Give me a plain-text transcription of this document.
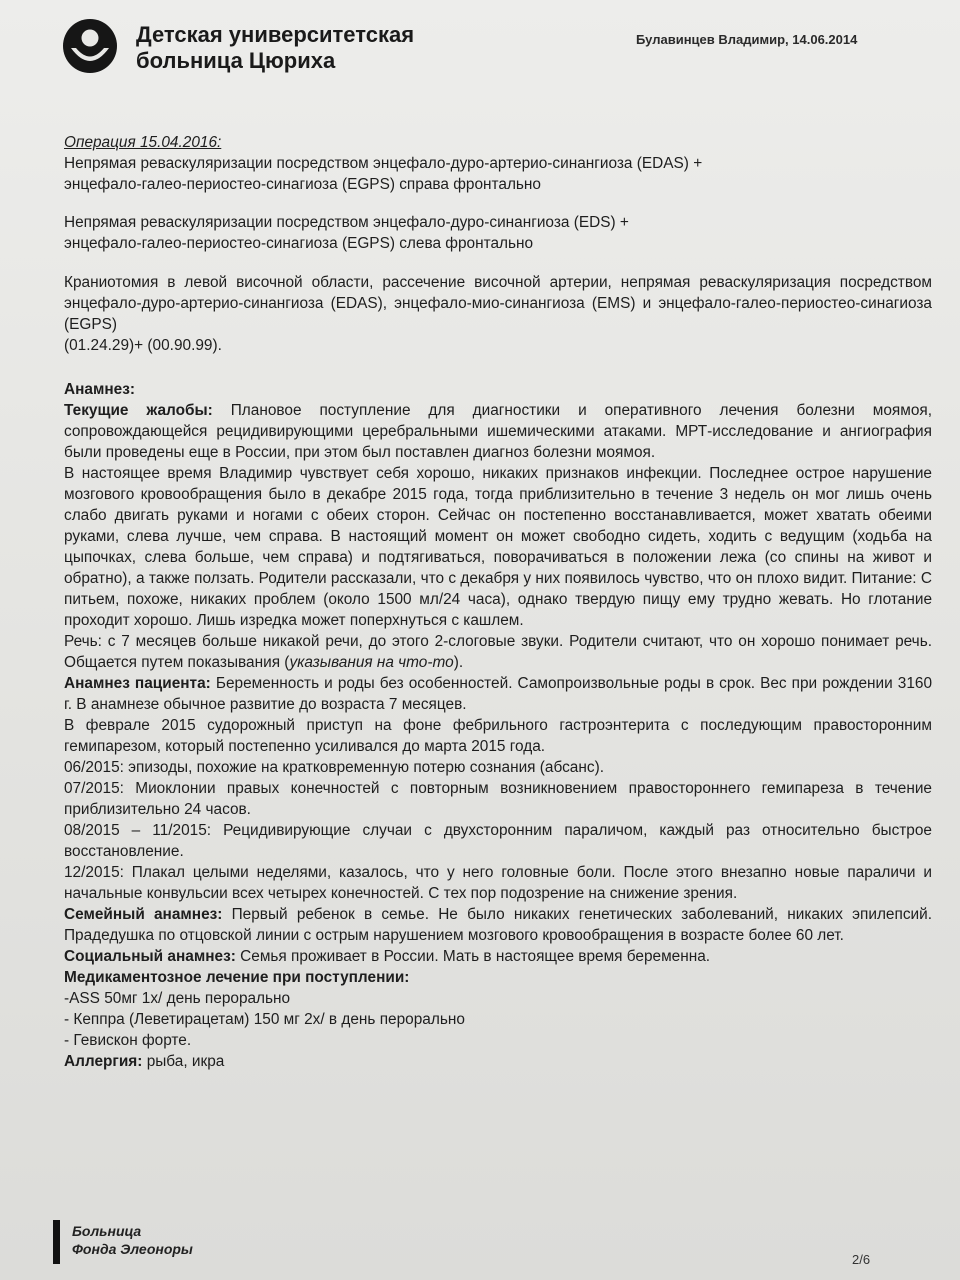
Детская университетская
больница Цюриха
Булавинцев Владимир, 14.06.2014

Операция 15.04.2016:

Непрямая реваскуляризации посредством энцефало-дуро-артерио-синангиоза (EDAS) +

энцефало-галео-периостео-синагиоза (EGPS) справа фронтально

Непрямая реваскуляризации посредством энцефало-дуро-синангиоза (EDS) +

энцефало-галео-периостео-синагиоза (EGPS) слева фронтально

Краниотомия в левой височной области, рассечение височной артерии, непрямая реваскуляризация посредством энцефало-дуро-артерио-синангиоза (EDAS), энцефало-мио-синангиоза (EMS) и энцефало-галео-периостео-синагиоза (EGPS)

(01.24.29)+ (00.90.99).

Анамнез:

Текущие жалобы: Плановое поступление для диагностики и оперативного лечения болезни моямоя, сопровождающейся рецидивирующими церебральными ишемическими атаками. МРТ-исследование и ангиография были проведены еще в России, при этом был поставлен диагноз болезни моямоя.

В настоящее время Владимир чувствует себя хорошо, никаких признаков инфекции. Последнее острое нарушение мозгового кровообращения было в декабре 2015 года, тогда приблизительно в течение 3 недель он мог лишь очень слабо двигать руками и ногами с обеих сторон. Сейчас он постепенно восстанавливается, может хватать обеими руками, слева лучше, чем справа. В настоящий момент он может свободно сидеть, ходить с ведущим (ходьба на цыпочках, слева больше, чем справа) и подтягиваться, поворачиваться в положении лежа (со спины на живот и обратно), а также ползать. Родители рассказали, что с декабря у них появилось чувство, что он плохо видит. Питание: С питьем, похоже, никаких проблем (около 1500 мл/24 часа), однако твердую пищу ему трудно жевать. Но глотание проходит хорошо. Лишь изредка может поперхнуться с кашлем.

Речь: с 7 месяцев больше никакой речи, до этого 2-слоговые звуки. Родители считают, что он хорошо понимает речь. Общается путем показывания (указывания на что-то).

Анамнез пациента: Беременность и роды без особенностей. Самопроизвольные роды в срок. Вес при рождении 3160 г. В анамнезе обычное развитие до возраста 7 месяцев.

В феврале 2015 судорожный приступ на фоне фебрильного гастроэнтерита с последующим правосторонним гемипарезом, который постепенно усиливался до марта 2015 года.

06/2015: эпизоды, похожие на кратковременную потерю сознания (абсанс).

07/2015: Миоклонии правых конечностей с повторным возникновением правостороннего гемипареза в течение приблизительно 24 часов.

08/2015 – 11/2015: Рецидивирующие случаи с двухсторонним параличом, каждый раз относительно быстрое восстановление.

12/2015: Плакал целыми неделями, казалось, что у него головные боли. После этого внезапно новые параличи и начальные конвульсии всех четырех конечностей. С тех пор подозрение на снижение зрения.

Семейный анамнез: Первый ребенок в семье. Не было никаких генетических заболеваний, никаких эпилепсий. Прадедушка по отцовской линии с острым нарушением мозгового кровообращения в возрасте более 60 лет.

Социальный анамнез: Семья проживает в России. Мать в настоящее время беременна.

Медикаментозное лечение при поступлении:

-ASS 50мг 1х/ день перорально

- Кеппра (Леветирацетам) 150 мг 2х/ в день перорально

- Гевискон форте.

Аллергия: рыба, икра

Больница
Фонда Элеоноры
2/6
